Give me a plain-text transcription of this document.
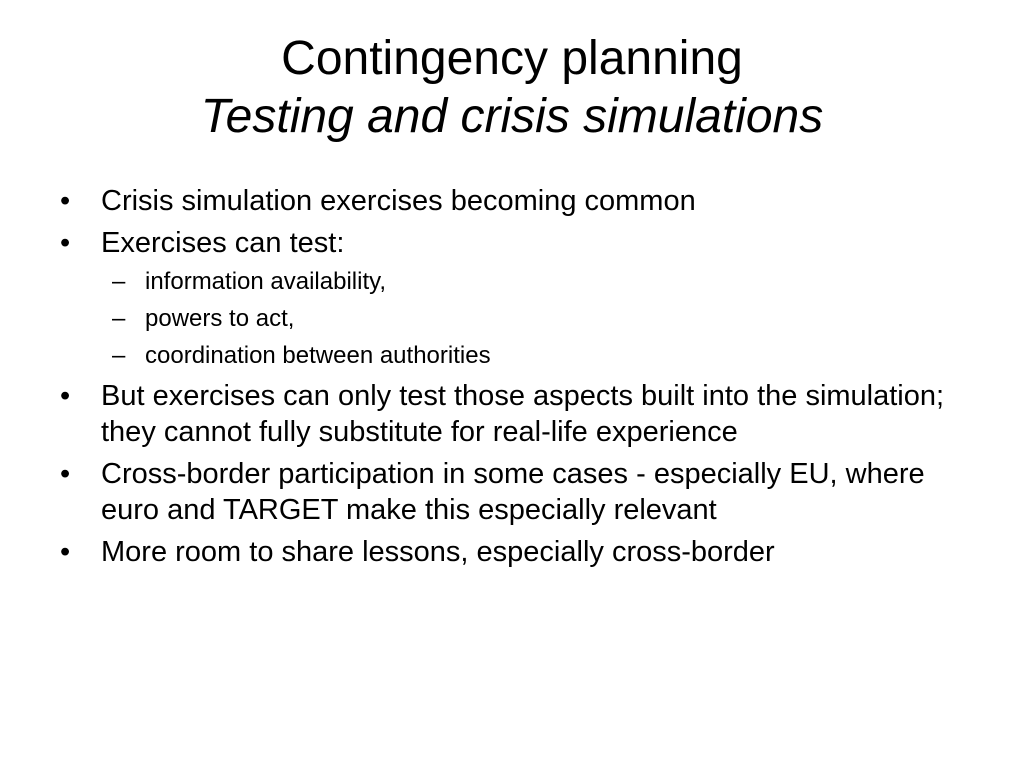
Contingency planning
Testing and crisis simulations
• Crisis simulation exercises becoming common
• Exercises can test:
– information availability,
– powers to act,
– coordination between authorities
• But exercises can only test those aspects built into the simulation; they cannot fully substitute for real-life experience
• Cross-border participation in some cases - especially EU, where euro and TARGET make this especially relevant
• More room to share lessons, especially cross-border
